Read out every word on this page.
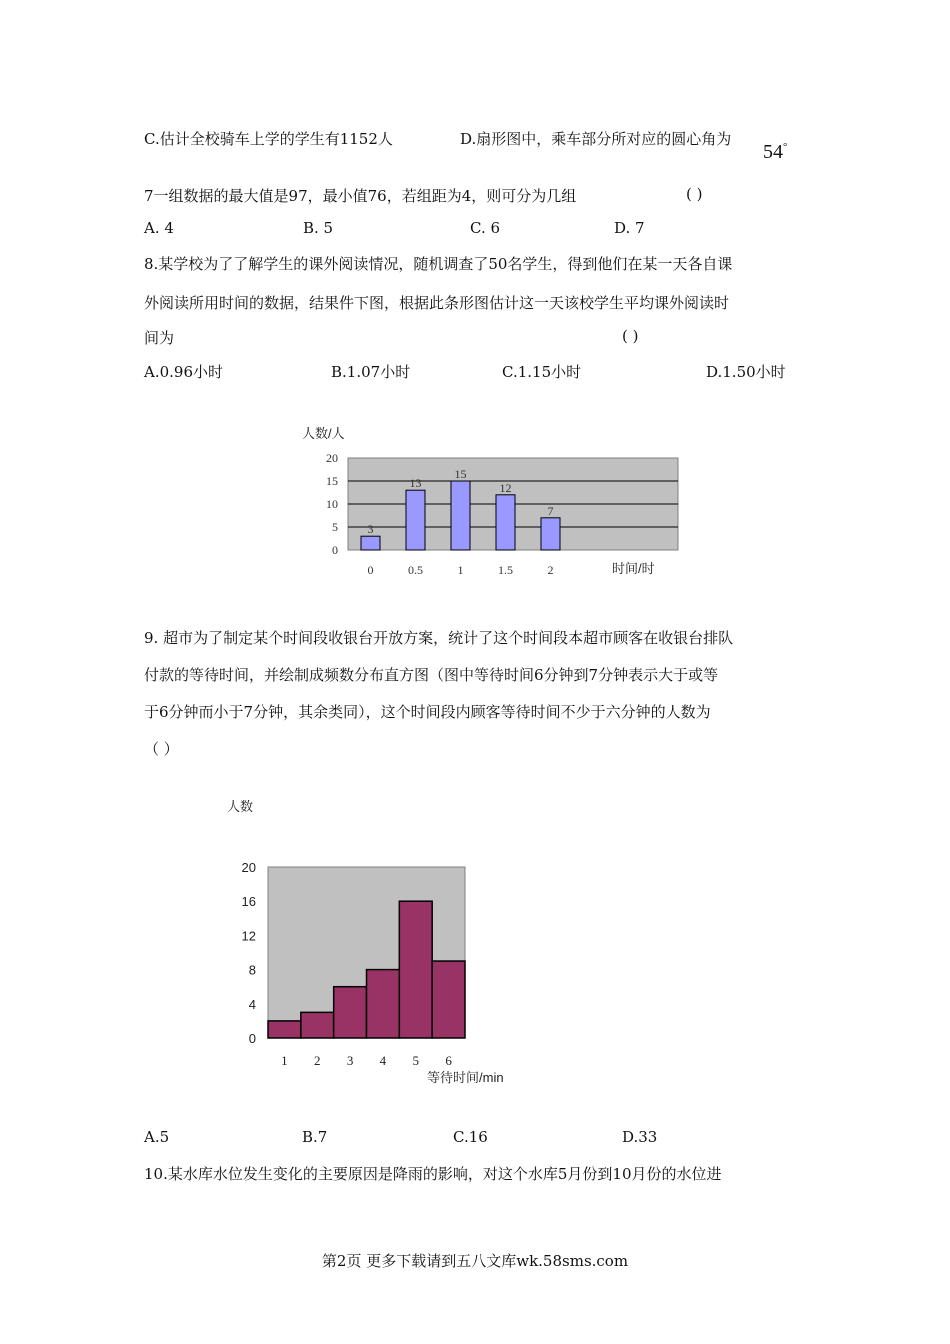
C.估计全校骑车上学的学生有1152人	D.扇形图中，乘车部分所对应的圆心角为
54°
7一组数据的最大值是97，最小值76，若组距为4，则可分为几组	( )
A. 4	B. 5	C. 6	D. 7
8.某学校为了了解学生的课外阅读情况，随机调查了50名学生，得到他们在某一天各自课
外阅读所用时间的数据，结果件下图，根据此条形图估计这一天该校学生平均课外阅读时
间为	( )
A.0.96小时	B.1.07小时	C.1.15小时	D.1.50小时
0
5
10
15
20
3
0
13
0.5
15
1
12
1.5
7
2
人数/人
时间/时
9. 超市为了制定某个时间段收银台开放方案，统计了这个时间段本超市顾客在收银台排队
付款的等待时间，并绘制成频数分布直方图（图中等待时间6分钟到7分钟表示大于或等
于6分钟而小于7分钟，其余类同），这个时间段内顾客等待时间不少于六分钟的人数为
（ ）
0
4
8
12
16
20
1 2 3 4 5 6
人数
等待时间/min
A.5	B.7	C.16	D.33
10.某水库水位发生变化的主要原因是降雨的影响，对这个水库5月份到10月份的水位进
第2页 更多下载请到五八文库wk.58sms.com
